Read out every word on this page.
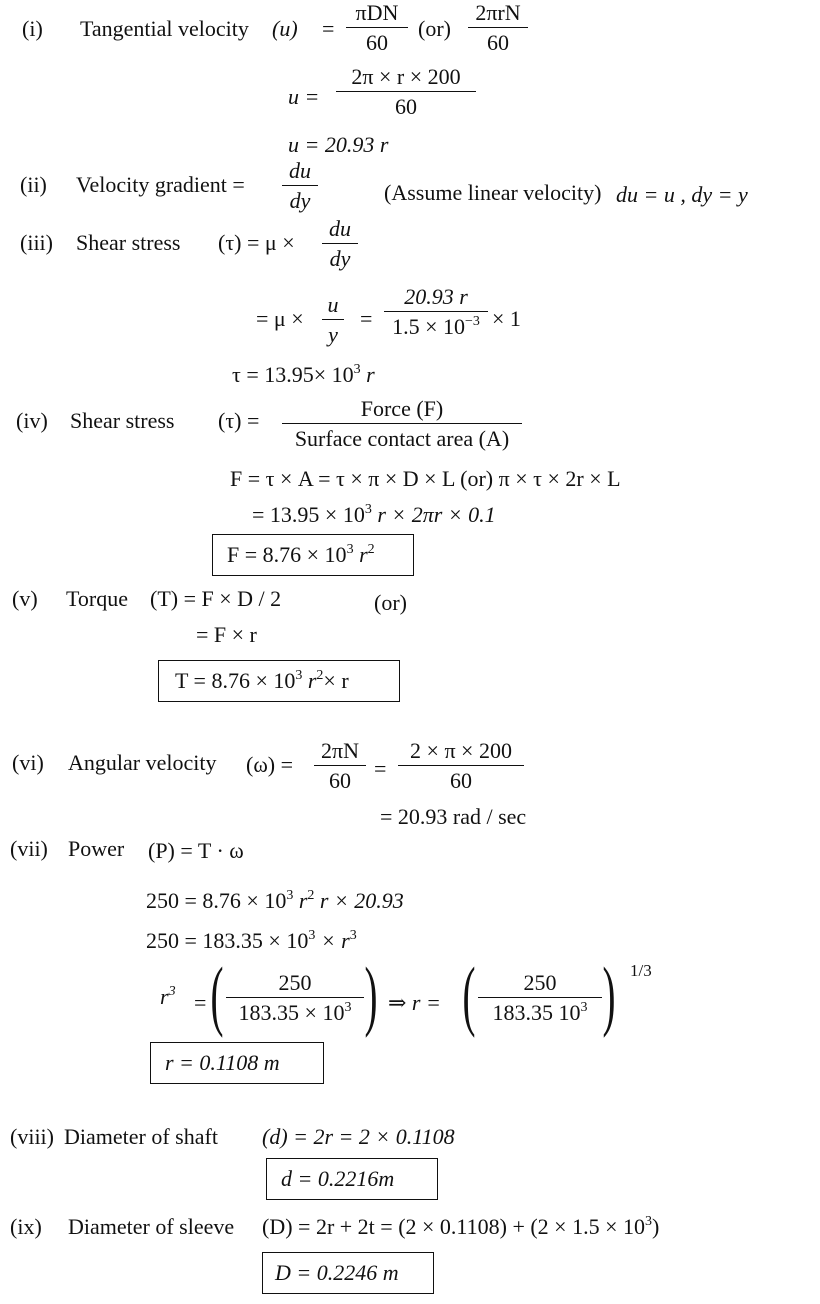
(i) Tangential velocity (u) =
πDN
60
(or)
2πrN
60
$u = \frac{2\pi \times r \times 200}{60}$
u = 20.93 r
(ii) Velocity gradient = $\frac{du}{dy}$	(Assume linear velocity) du = u , dy = y
(iii) Shear stress $(\tau) = \mu \times \frac{du}{dy}$
= $\mu \times \frac{u}{y} = \frac{20.93 r}{1.5 \times 10^{-3}} \times 1$
$\tau = 13.95\times 10^3$ r
(iv) Shear stress (τ) =	Force (F)
Surface contact area (A)
F = τ × A = τ × π × D × L (or) π × τ × 2r × L
= $13.95 \times 10^3$ r × 2πr × 0.1
$F = 8.76 \times 10^3$ $r^2$
(v) Torque (T) = F × D / 2	(or)
= F × r
$T = 8.76 \times 10^3$ $r^2\times r$
(vi) Angular velocity $(\omega) = \frac{2\pi N}{60} = \frac{2 \times \pi \times 200}{60}$
= 20.93 rad / sec
(vii) Power (P) = T · ω
$250 = 8.76 \times 10^3$ $r^2$ r × 20.93
$250 = 183.35 \times 10^3 \times r^3$
$r^3$ = ( $\frac{250}{183.35 \times 10^3}$ ) ⇒ r = ( $\frac{250}{183.35 10^3}$ ) 1/3
r = 0.1108 m
(viii) Diameter of shaft (d) = 2r = 2 × 0.1108
d = 0.2216m
(ix) Diameter of sleeve $(D) = 2r + 2t = (2 \times 0.1108) + (2 \times 1.5 \times 10^3)$
D = 0.2246 m
